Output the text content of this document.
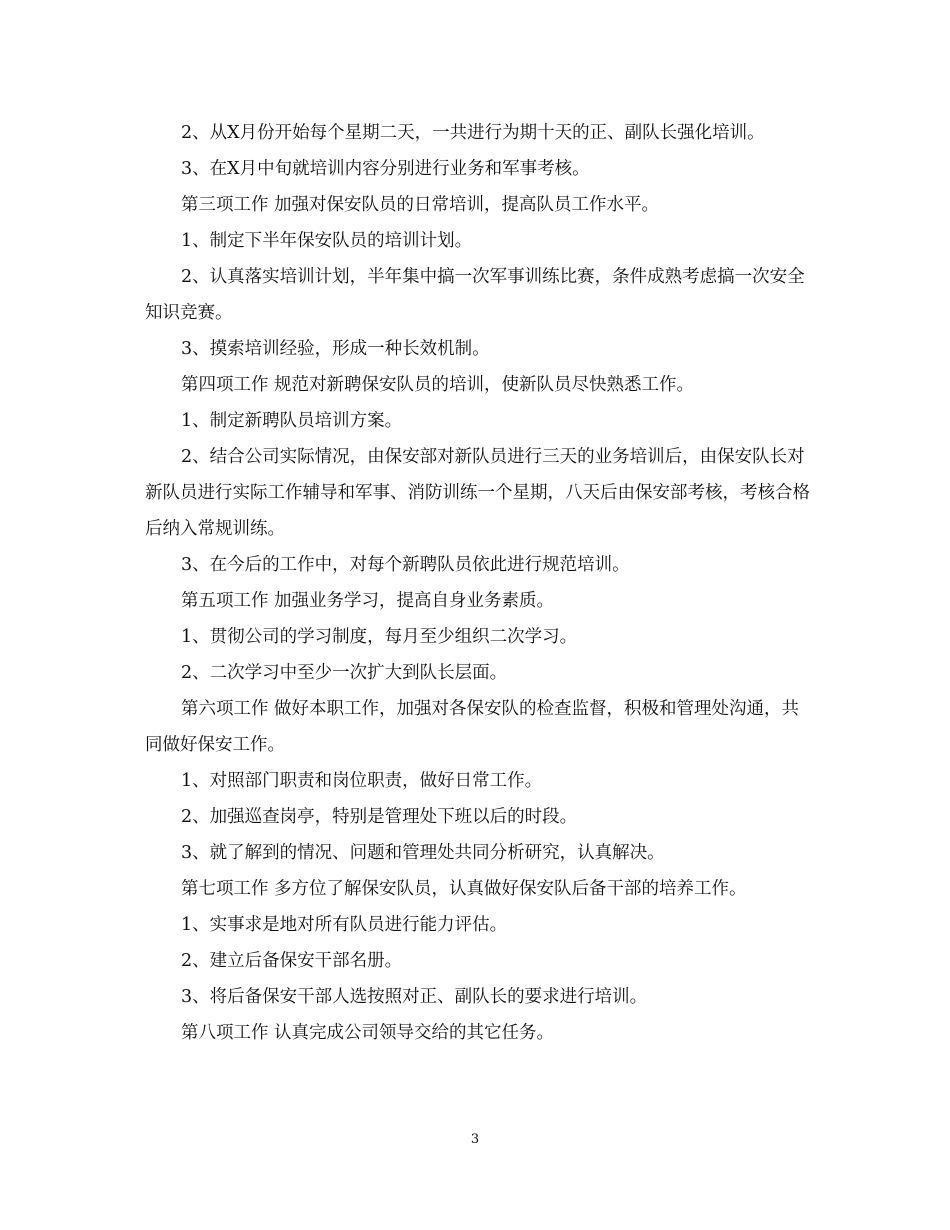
2、从X月份开始每个星期二天，一共进行为期十天的正、副队长强化培训。

3、在X月中旬就培训内容分别进行业务和军事考核。

第三项工作 加强对保安队员的日常培训，提高队员工作水平。

1、制定下半年保安队员的培训计划。

2、认真落实培训计划，半年集中搞一次军事训练比赛，条件成熟考虑搞一次安全知识竞赛。

3、摸索培训经验，形成一种长效机制。

第四项工作 规范对新聘保安队员的培训，使新队员尽快熟悉工作。

1、制定新聘队员培训方案。

2、结合公司实际情况，由保安部对新队员进行三天的业务培训后，由保安队长对新队员进行实际工作辅导和军事、消防训练一个星期，八天后由保安部考核，考核合格后纳入常规训练。

3、在今后的工作中，对每个新聘队员依此进行规范培训。

第五项工作 加强业务学习，提高自身业务素质。

1、贯彻公司的学习制度，每月至少组织二次学习。

2、二次学习中至少一次扩大到队长层面。

第六项工作 做好本职工作，加强对各保安队的检查监督，积极和管理处沟通，共同做好保安工作。

1、对照部门职责和岗位职责，做好日常工作。

2、加强巡查岗亭，特别是管理处下班以后的时段。

3、就了解到的情况、问题和管理处共同分析研究，认真解决。

第七项工作 多方位了解保安队员，认真做好保安队后备干部的培养工作。

1、实事求是地对所有队员进行能力评估。

2、建立后备保安干部名册。

3、将后备保安干部人选按照对正、副队长的要求进行培训。

第八项工作 认真完成公司领导交给的其它任务。

3
